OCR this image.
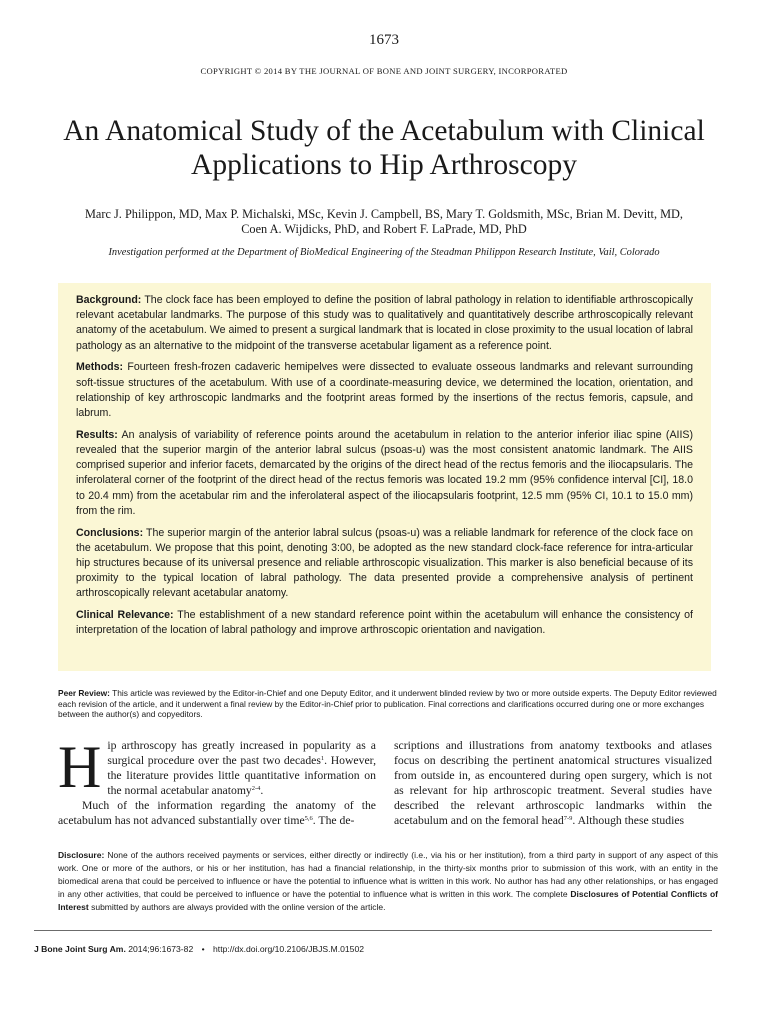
1673
COPYRIGHT © 2014 BY THE JOURNAL OF BONE AND JOINT SURGERY, INCORPORATED
An Anatomical Study of the Acetabulum with Clinical
Applications to Hip Arthroscopy
Marc J. Philippon, MD, Max P. Michalski, MSc, Kevin J. Campbell, BS, Mary T. Goldsmith, MSc, Brian M. Devitt, MD,
Coen A. Wijdicks, PhD, and Robert F. LaPrade, MD, PhD
Investigation performed at the Department of BioMedical Engineering of the Steadman Philippon Research Institute, Vail, Colorado

Background: The clock face has been employed to define the position of labral pathology in relation to identifiable arthroscopically relevant acetabular landmarks. The purpose of this study was to qualitatively and quantitatively describe arthroscopically relevant anatomy of the acetabulum. We aimed to present a surgical landmark that is located in close proximity to the usual location of labral pathology as an alternative to the midpoint of the transverse acetabular ligament as a reference point.

Methods: Fourteen fresh-frozen cadaveric hemipelves were dissected to evaluate osseous landmarks and relevant surrounding soft-tissue structures of the acetabulum. With use of a coordinate-measuring device, we determined the location, orientation, and relationship of key arthroscopic landmarks and the footprint areas formed by the insertions of the rectus femoris, capsule, and labrum.

Results: An analysis of variability of reference points around the acetabulum in relation to the anterior inferior iliac spine (AIIS) revealed that the superior margin of the anterior labral sulcus (psoas-u) was the most consistent anatomic landmark. The AIIS comprised superior and inferior facets, demarcated by the origins of the direct head of the rectus femoris and the iliocapsularis. The inferolateral corner of the footprint of the direct head of the rectus femoris was located 19.2 mm (95% confidence interval [CI], 18.0 to 20.4 mm) from the acetabular rim and the inferolateral aspect of the iliocapsularis footprint, 12.5 mm (95% CI, 10.1 to 15.0 mm) from the rim.

Conclusions: The superior margin of the anterior labral sulcus (psoas-u) was a reliable landmark for reference of the clock face on the acetabulum. We propose that this point, denoting 3:00, be adopted as the new standard clock-face reference for intra-articular hip structures because of its universal presence and reliable arthroscopic visualization. This marker is also beneficial because of its proximity to the typical location of labral pathology. The data presented provide a comprehensive analysis of pertinent arthroscopically relevant acetabular anatomy.

Clinical Relevance: The establishment of a new standard reference point within the acetabulum will enhance the consistency of interpretation of the location of labral pathology and improve arthroscopic orientation and navigation.

Peer Review: This article was reviewed by the Editor-in-Chief and one Deputy Editor, and it underwent blinded review by two or more outside experts. The Deputy Editor reviewed each revision of the article, and it underwent a final review by the Editor-in-Chief prior to publication. Final corrections and clarifications occurred during one or more exchanges between the author(s) and copyeditors.

Hip arthroscopy has greatly increased in popularity as a surgical procedure over the past two decades$^1$. However, the literature provides little quantitative information on the normal acetabular anatomy$^{2-4}$.

Much of the information regarding the anatomy of the acetabulum has not advanced substantially over time$^{5,6}$. The de-

scriptions and illustrations from anatomy textbooks and atlases focus on describing the pertinent anatomical structures visualized from outside in, as encountered during open surgery, which is not as relevant for hip arthroscopic treatment. Several studies have described the relevant arthroscopic landmarks within the acetabulum and on the femoral head$^{7-9}$. Although these studies

Disclosure: None of the authors received payments or services, either directly or indirectly (i.e., via his or her institution), from a third party in support of any aspect of this work. One or more of the authors, or his or her institution, has had a financial relationship, in the thirty-six months prior to submission of this work, with an entity in the biomedical arena that could be perceived to influence or have the potential to influence what is written in this work. No author has had any other relationships, or has engaged in any other activities, that could be perceived to influence or have the potential to influence what is written in this work. The complete Disclosures of Potential Conflicts of Interest submitted by authors are always provided with the online version of the article.
J Bone Joint Surg Am. 2014;96:1673-82 • http://dx.doi.org/10.2106/JBJS.M.01502
